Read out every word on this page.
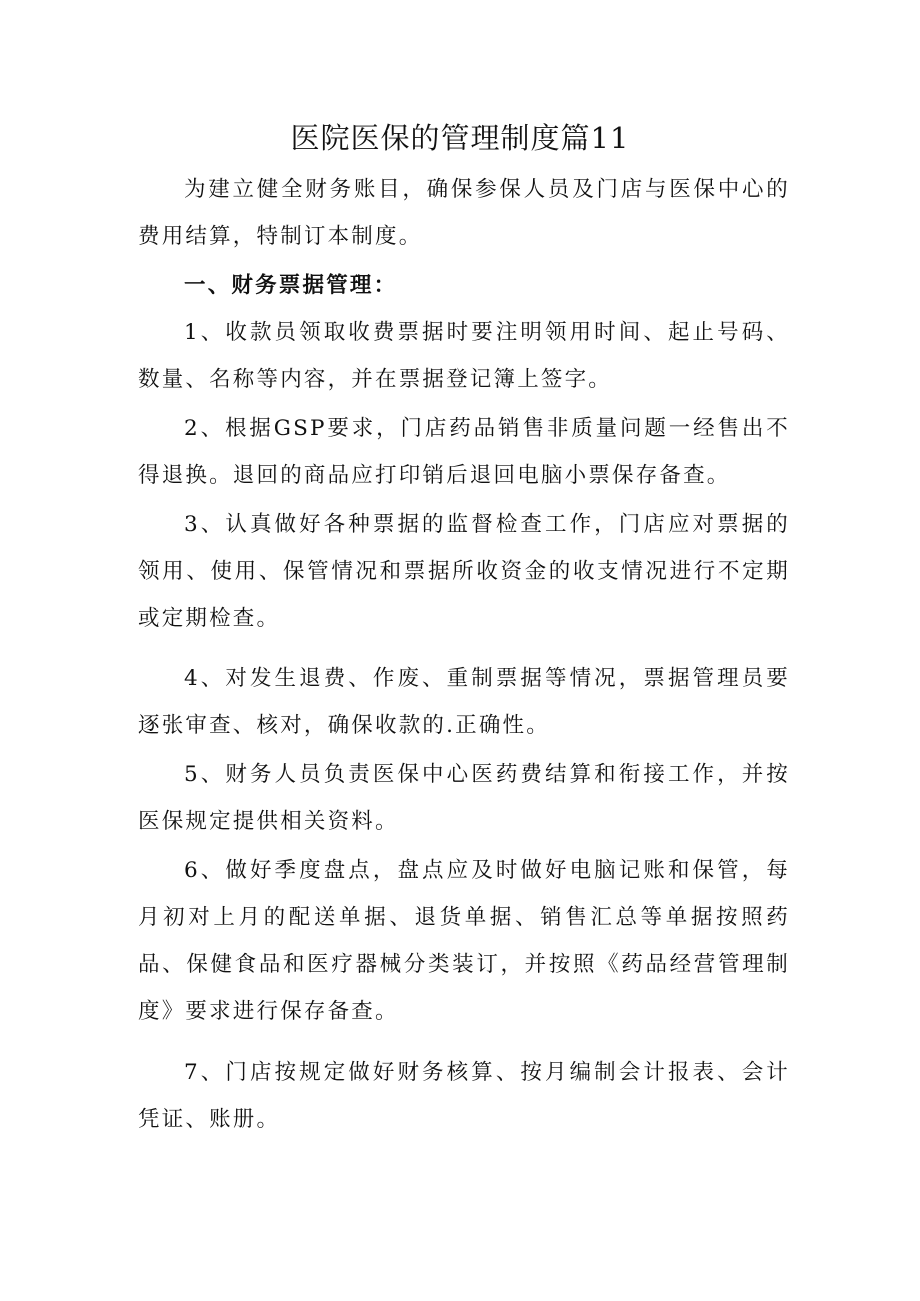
医院医保的管理制度篇11

为建立健全财务账目，确保参保人员及门店与医保中心的费用结算，特制订本制度。

一、财务票据管理：

1、收款员领取收费票据时要注明领用时间、起止号码、数量、名称等内容，并在票据登记簿上签字。

2、根据GSP要求，门店药品销售非质量问题一经售出不得退换。退回的商品应打印销后退回电脑小票保存备查。

3、认真做好各种票据的监督检查工作，门店应对票据的领用、使用、保管情况和票据所收资金的收支情况进行不定期或定期检查。

4、对发生退费、作废、重制票据等情况，票据管理员要逐张审查、核对，确保收款的.正确性。

5、财务人员负责医保中心医药费结算和衔接工作，并按医保规定提供相关资料。

6、做好季度盘点，盘点应及时做好电脑记账和保管，每月初对上月的配送单据、退货单据、销售汇总等单据按照药品、保健食品和医疗器械分类装订，并按照《药品经营管理制度》要求进行保存备查。

7、门店按规定做好财务核算、按月编制会计报表、会计凭证、账册。
